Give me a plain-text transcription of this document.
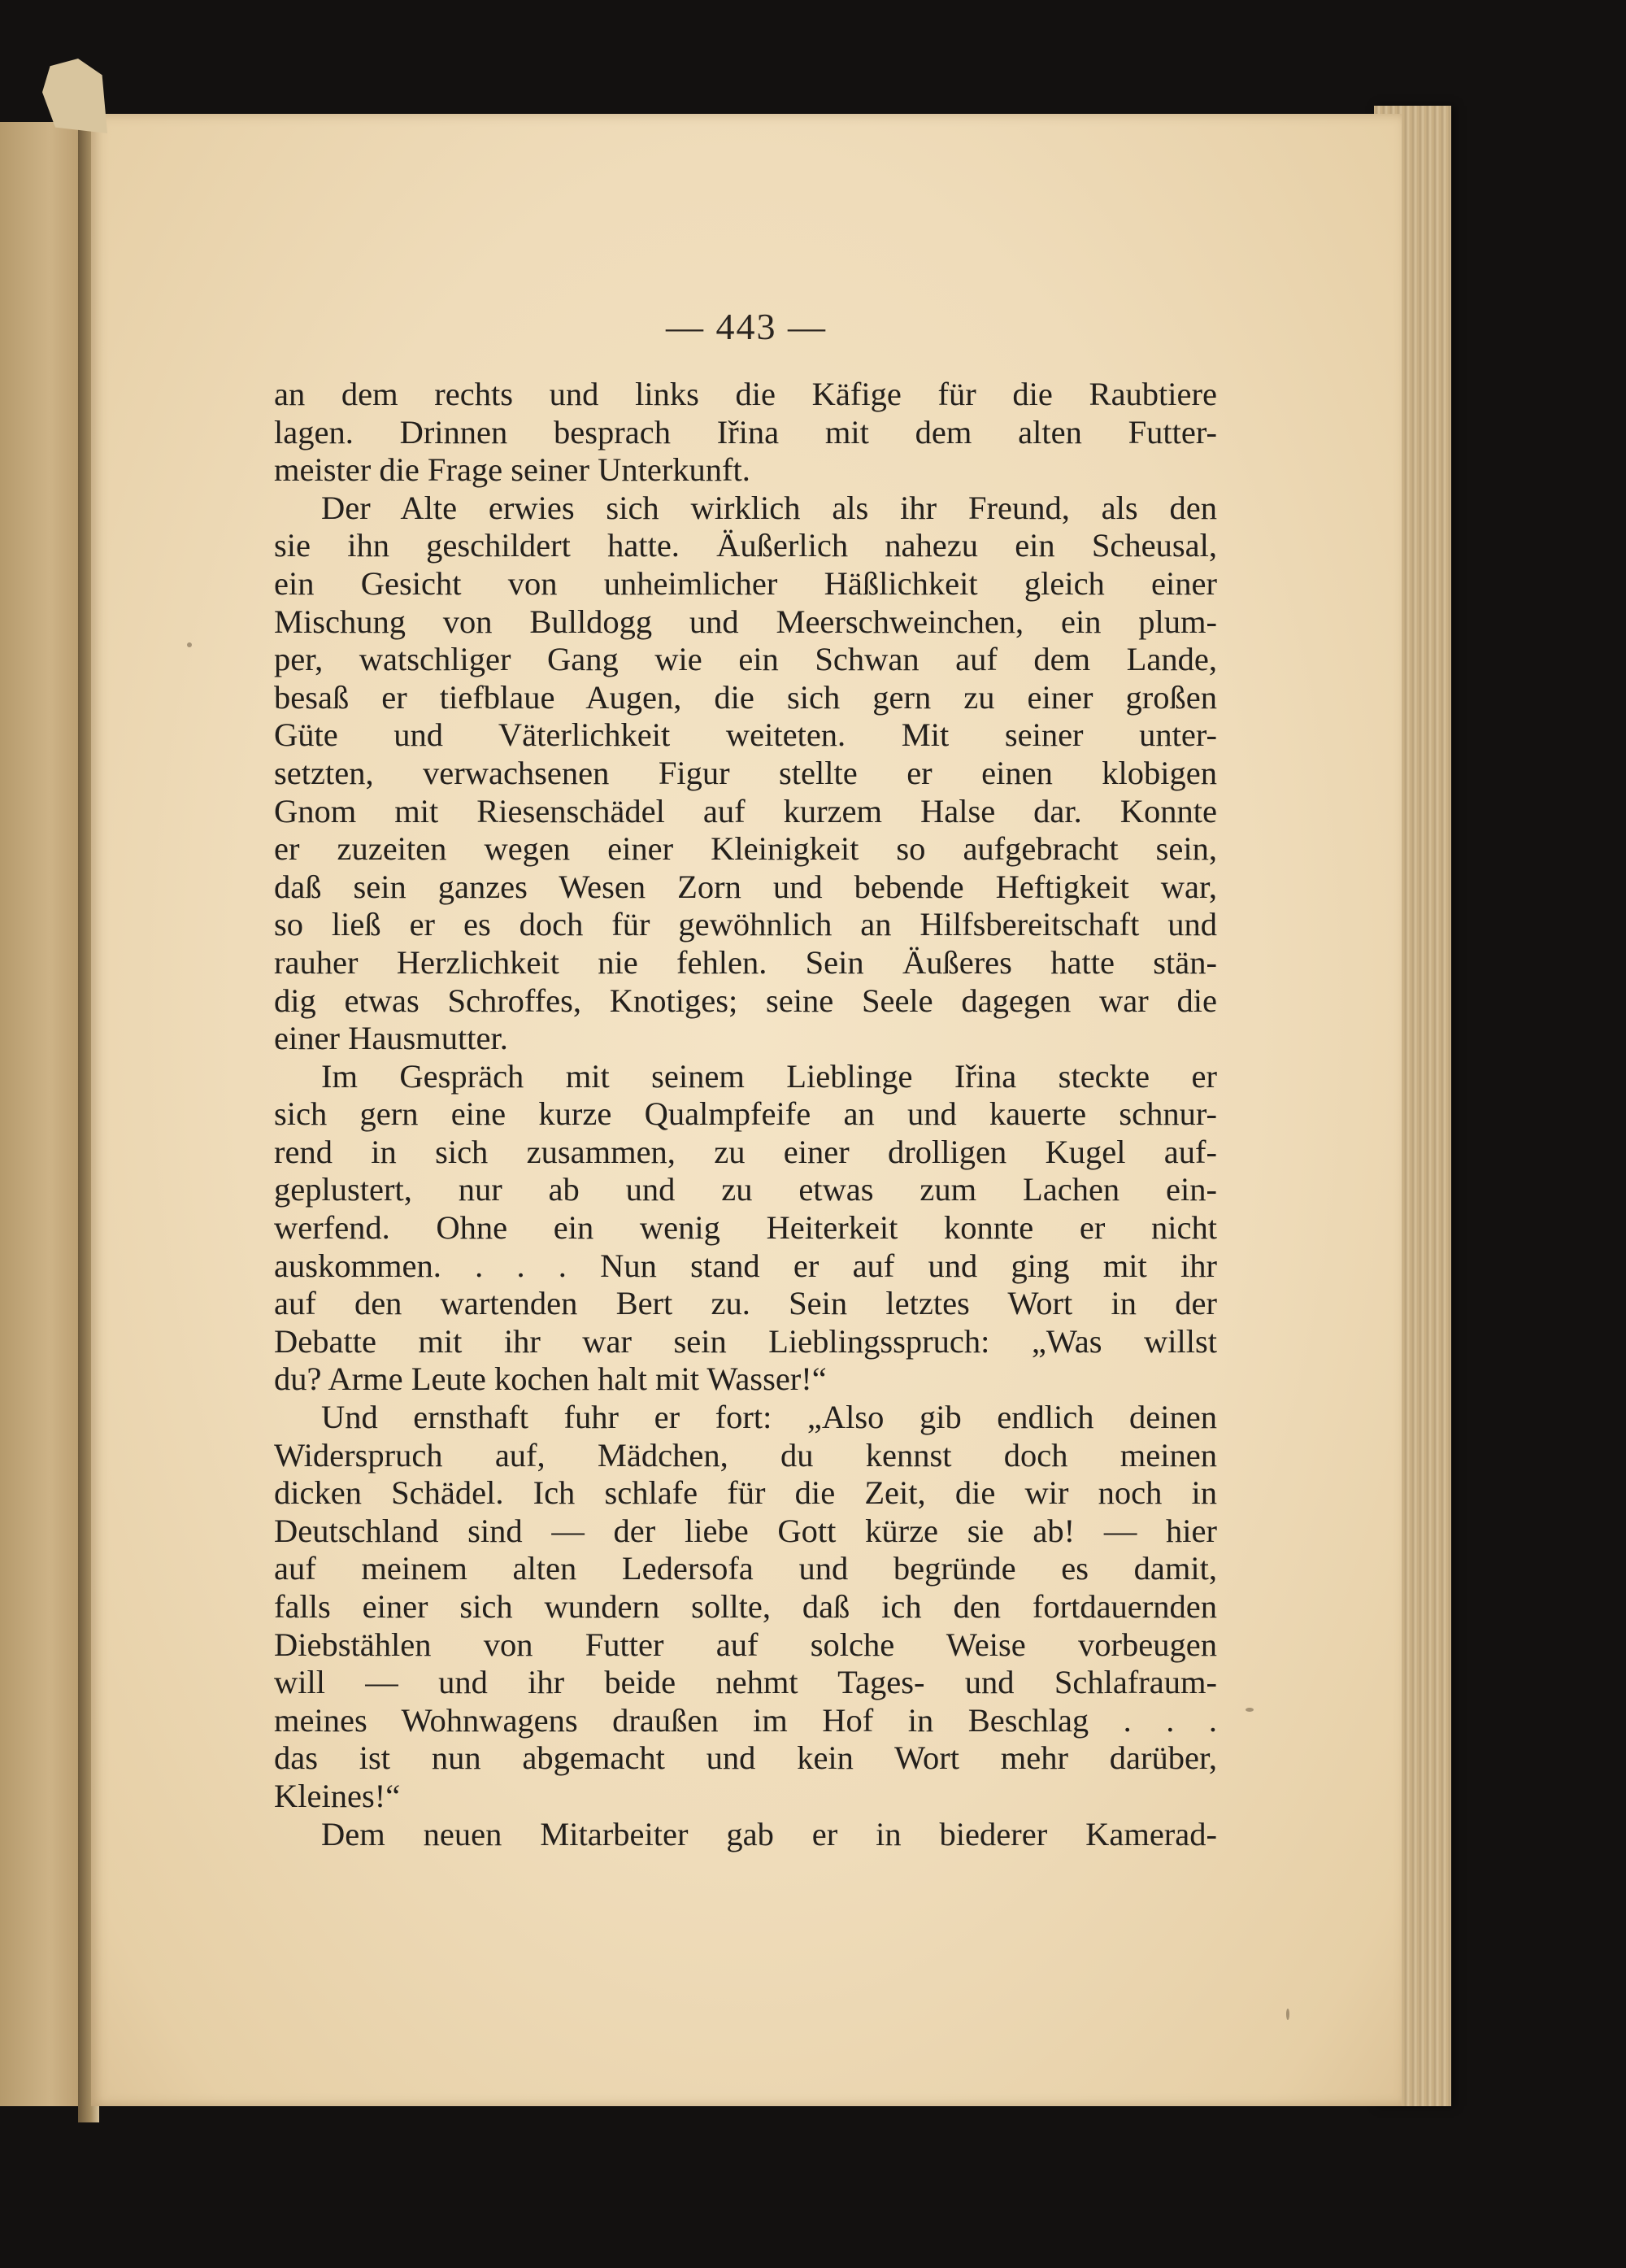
— 443 —
an dem rechts und links die Käfige für die Raubtiere
lagen. Drinnen besprach Iřina mit dem alten Futter-
meister die Frage seiner Unterkunft.
Der Alte erwies sich wirklich als ihr Freund, als den
sie ihn geschildert hatte. Äußerlich nahezu ein Scheusal,
ein Gesicht von unheimlicher Häßlichkeit gleich einer
Mischung von Bulldogg und Meerschweinchen, ein plum-
per, watschliger Gang wie ein Schwan auf dem Lande,
besaß er tiefblaue Augen, die sich gern zu einer großen
Güte und Väterlichkeit weiteten. Mit seiner unter-
setzten, verwachsenen Figur stellte er einen klobigen
Gnom mit Riesenschädel auf kurzem Halse dar. Konnte
er zuzeiten wegen einer Kleinigkeit so aufgebracht sein,
daß sein ganzes Wesen Zorn und bebende Heftigkeit war,
so ließ er es doch für gewöhnlich an Hilfsbereitschaft und
rauher Herzlichkeit nie fehlen. Sein Äußeres hatte stän-
dig etwas Schroffes, Knotiges; seine Seele dagegen war die
einer Hausmutter.
Im Gespräch mit seinem Lieblinge Iřina steckte er
sich gern eine kurze Qualmpfeife an und kauerte schnur-
rend in sich zusammen, zu einer drolligen Kugel auf-
geplustert, nur ab und zu etwas zum Lachen ein-
werfend. Ohne ein wenig Heiterkeit konnte er nicht
auskommen. . . . Nun stand er auf und ging mit ihr
auf den wartenden Bert zu. Sein letztes Wort in der
Debatte mit ihr war sein Lieblingsspruch: „Was willst
du? Arme Leute kochen halt mit Wasser!“
Und ernsthaft fuhr er fort: „Also gib endlich deinen
Widerspruch auf, Mädchen, du kennst doch meinen
dicken Schädel. Ich schlafe für die Zeit, die wir noch in
Deutschland sind — der liebe Gott kürze sie ab! — hier
auf meinem alten Ledersofa und begründe es damit,
falls einer sich wundern sollte, daß ich den fortdauernden
Diebstählen von Futter auf solche Weise vorbeugen
will — und ihr beide nehmt Tages- und Schlafraum-
meines Wohnwagens draußen im Hof in Beschlag . . .
das ist nun abgemacht und kein Wort mehr darüber,
Kleines!“
Dem neuen Mitarbeiter gab er in biederer Kamerad-
